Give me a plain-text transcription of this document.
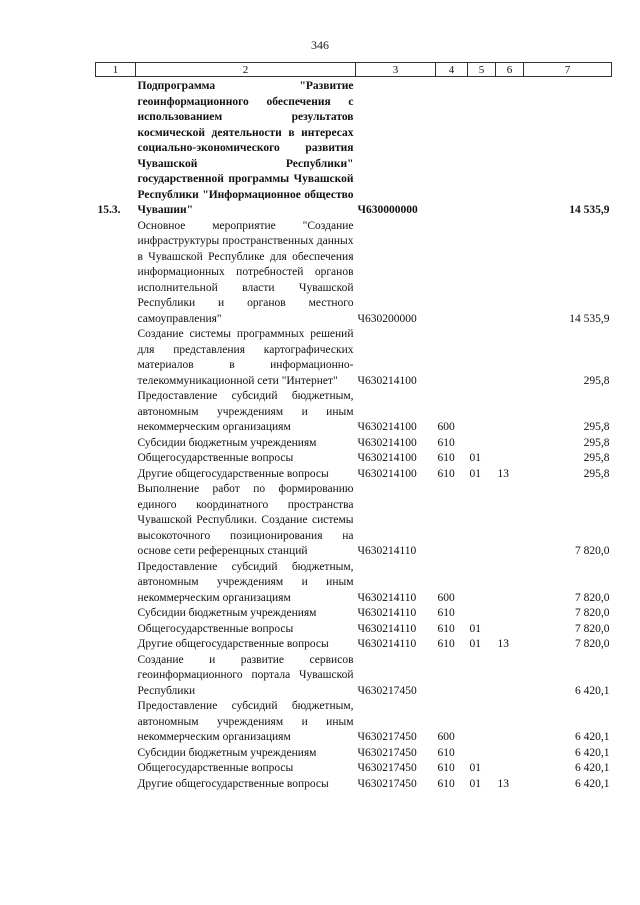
346
1	2	3	4	5	6	7
15.3.	Подпрограмма "Развитие геоинформационного обеспечения с использованием результатов космической деятельности в интересах социально-экономического развития Чувашской Республики" государственной программы Чувашской Республики "Информационное общество Чувашии"	Ч630000000				14 535,9
	Основное мероприятие "Создание инфраструктуры пространственных данных в Чувашской Республике для обеспечения информационных потребностей органов исполнительной власти Чувашской Республики и органов местного самоуправления"	Ч630200000				14 535,9
	Создание системы программных решений для представления картографических материалов в информационно-телекоммуникационной сети "Интернет"	Ч630214100				295,8
	Предоставление субсидий бюджетным, автономным учреждениям и иным некоммерческим организациям	Ч630214100	600			295,8
	Субсидии бюджетным учреждениям	Ч630214100	610			295,8
	Общегосударственные вопросы	Ч630214100	610	01		295,8
	Другие общегосударственные вопросы	Ч630214100	610	01	13	295,8
	Выполнение работ по формированию единого координатного пространства Чувашской Республики. Создание системы высокоточного позиционирования на основе сети референцных станций	Ч630214110				7 820,0
	Предоставление субсидий бюджетным, автономным учреждениям и иным некоммерческим организациям	Ч630214110	600			7 820,0
	Субсидии бюджетным учреждениям	Ч630214110	610			7 820,0
	Общегосударственные вопросы	Ч630214110	610	01		7 820,0
	Другие общегосударственные вопросы	Ч630214110	610	01	13	7 820,0
	Создание и развитие сервисов геоинформационного портала Чувашской Республики	Ч630217450				6 420,1
	Предоставление субсидий бюджетным, автономным учреждениям и иным некоммерческим организациям	Ч630217450	600			6 420,1
	Субсидии бюджетным учреждениям	Ч630217450	610			6 420,1
	Общегосударственные вопросы	Ч630217450	610	01		6 420,1
	Другие общегосударственные вопросы	Ч630217450	610	01	13	6 420,1
